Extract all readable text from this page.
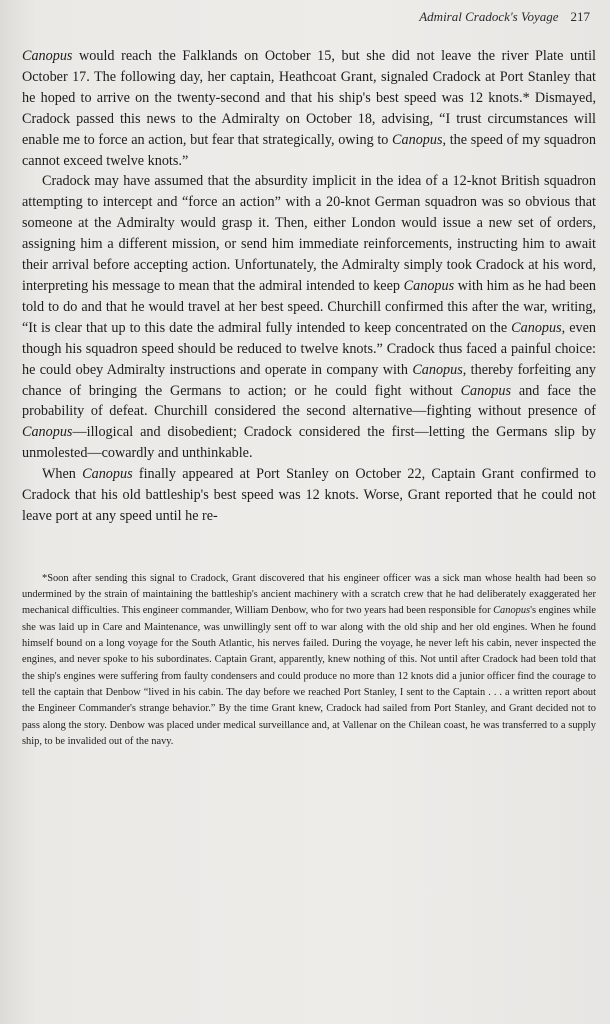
Admiral Cradock's Voyage 217

Canopus would reach the Falklands on October 15, but she did not leave the river Plate until October 17. The following day, her captain, Heathcoat Grant, signaled Cradock at Port Stanley that he hoped to arrive on the twenty-second and that his ship's best speed was 12 knots.* Dismayed, Cradock passed this news to the Admiralty on October 18, advising, “I trust circumstances will enable me to force an action, but fear that strategically, owing to Canopus, the speed of my squadron cannot exceed twelve knots.”

Cradock may have assumed that the absurdity implicit in the idea of a 12-knot British squadron attempting to intercept and “force an action” with a 20-knot German squadron was so obvious that someone at the Admiralty would grasp it. Then, either London would issue a new set of orders, assigning him a different mission, or send him immediate reinforcements, instructing him to await their arrival before accepting action. Unfortunately, the Admiralty simply took Cradock at his word, interpreting his message to mean that the admiral intended to keep Canopus with him as he had been told to do and that he would travel at her best speed. Churchill confirmed this after the war, writing, “It is clear that up to this date the admiral fully intended to keep concentrated on the Canopus, even though his squadron speed should be reduced to twelve knots.” Cradock thus faced a painful choice: he could obey Admiralty instructions and operate in company with Canopus, thereby forfeiting any chance of bringing the Germans to action; or he could fight without Canopus and face the probability of defeat. Churchill considered the second alternative—fighting without presence of Canopus—illogical and disobedient; Cradock considered the first—letting the Germans slip by unmolested—cowardly and unthinkable.

When Canopus finally appeared at Port Stanley on October 22, Captain Grant confirmed to Cradock that his old battleship's best speed was 12 knots. Worse, Grant reported that he could not leave port at any speed until he re-

*Soon after sending this signal to Cradock, Grant discovered that his engineer officer was a sick man whose health had been so undermined by the strain of maintaining the battleship's ancient machinery with a scratch crew that he had deliberately exaggerated her mechanical difficulties. This engineer commander, William Denbow, who for two years had been responsible for Canopus's engines while she was laid up in Care and Maintenance, was unwillingly sent off to war along with the old ship and her old engines. When he found himself bound on a long voyage for the South Atlantic, his nerves failed. During the voyage, he never left his cabin, never inspected the engines, and never spoke to his subordinates. Captain Grant, apparently, knew nothing of this. Not until after Cradock had been told that the ship's engines were suffering from faulty condensers and could produce no more than 12 knots did a junior officer find the courage to tell the captain that Denbow “lived in his cabin. The day before we reached Port Stanley, I sent to the Captain . . . a written report about the Engineer Commander's strange behavior.” By the time Grant knew, Cradock had sailed from Port Stanley, and Grant decided not to pass along the story. Denbow was placed under medical surveillance and, at Vallenar on the Chilean coast, he was transferred to a supply ship, to be invalided out of the navy.
